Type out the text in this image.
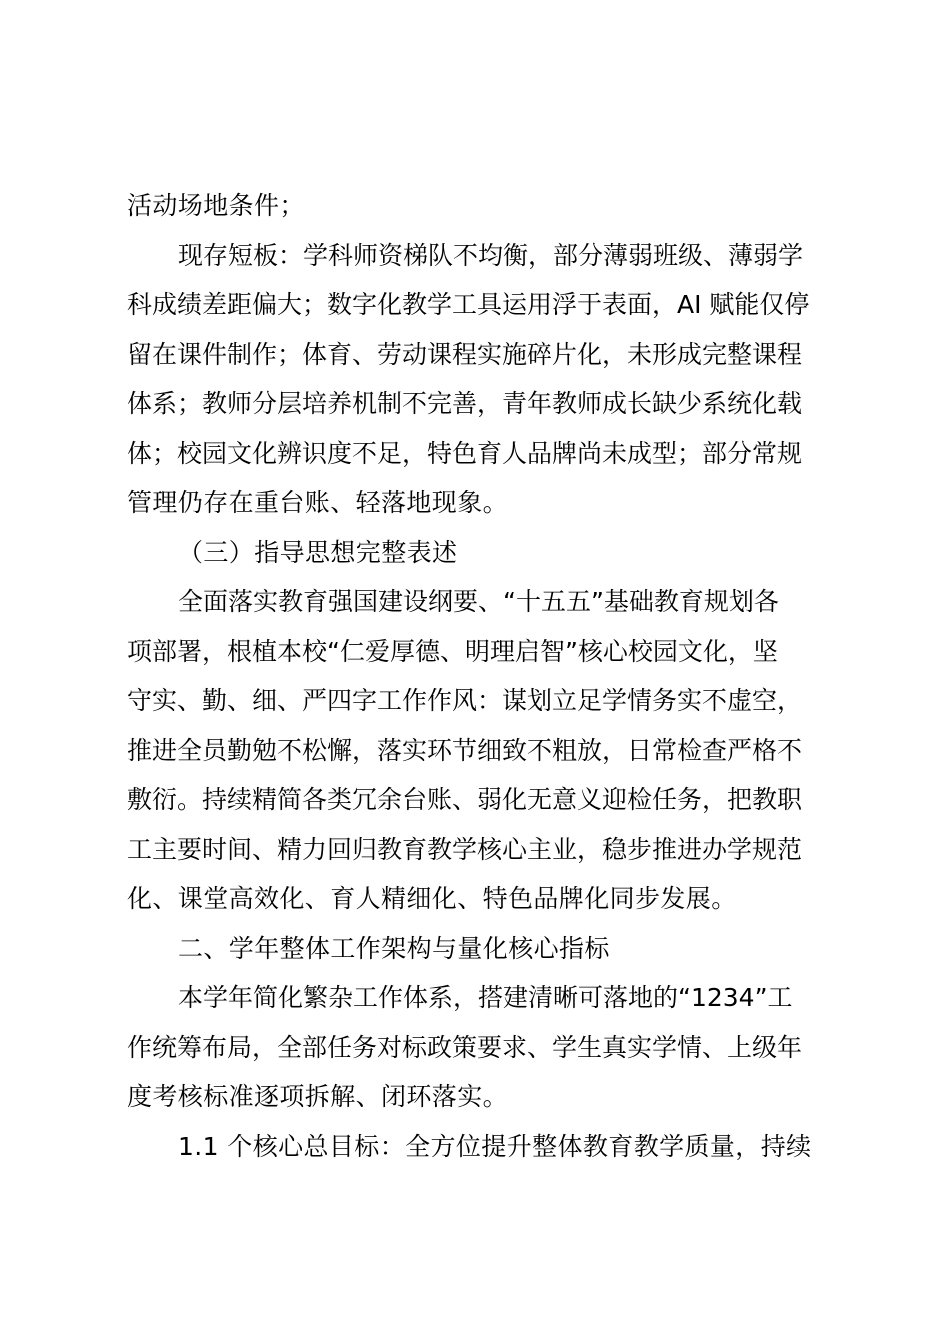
活动场地条件；
现存短板：学科师资梯队不均衡，部分薄弱班级、薄弱学
科成绩差距偏大；数字化教学工具运用浮于表面，AI 赋能仅停
留在课件制作；体育、劳动课程实施碎片化，未形成完整课程
体系；教师分层培养机制不完善，青年教师成长缺少系统化载
体；校园文化辨识度不足，特色育人品牌尚未成型；部分常规
管理仍存在重台账、轻落地现象。
（三）指导思想完整表述
全面落实教育强国建设纲要、“十五五”基础教育规划各
项部署，根植本校“仁爱厚德、明理启智”核心校园文化，坚
守实、勤、细、严四字工作作风：谋划立足学情务实不虚空，
推进全员勤勉不松懈，落实环节细致不粗放，日常检查严格不
敷衍。持续精简各类冗余台账、弱化无意义迎检任务，把教职
工主要时间、精力回归教育教学核心主业，稳步推进办学规范
化、课堂高效化、育人精细化、特色品牌化同步发展。
二、学年整体工作架构与量化核心指标
本学年简化繁杂工作体系，搭建清晰可落地的“1234”工
作统筹布局，全部任务对标政策要求、学生真实学情、上级年
度考核标准逐项拆解、闭环落实。
1.1 个核心总目标：全方位提升整体教育教学质量，持续
